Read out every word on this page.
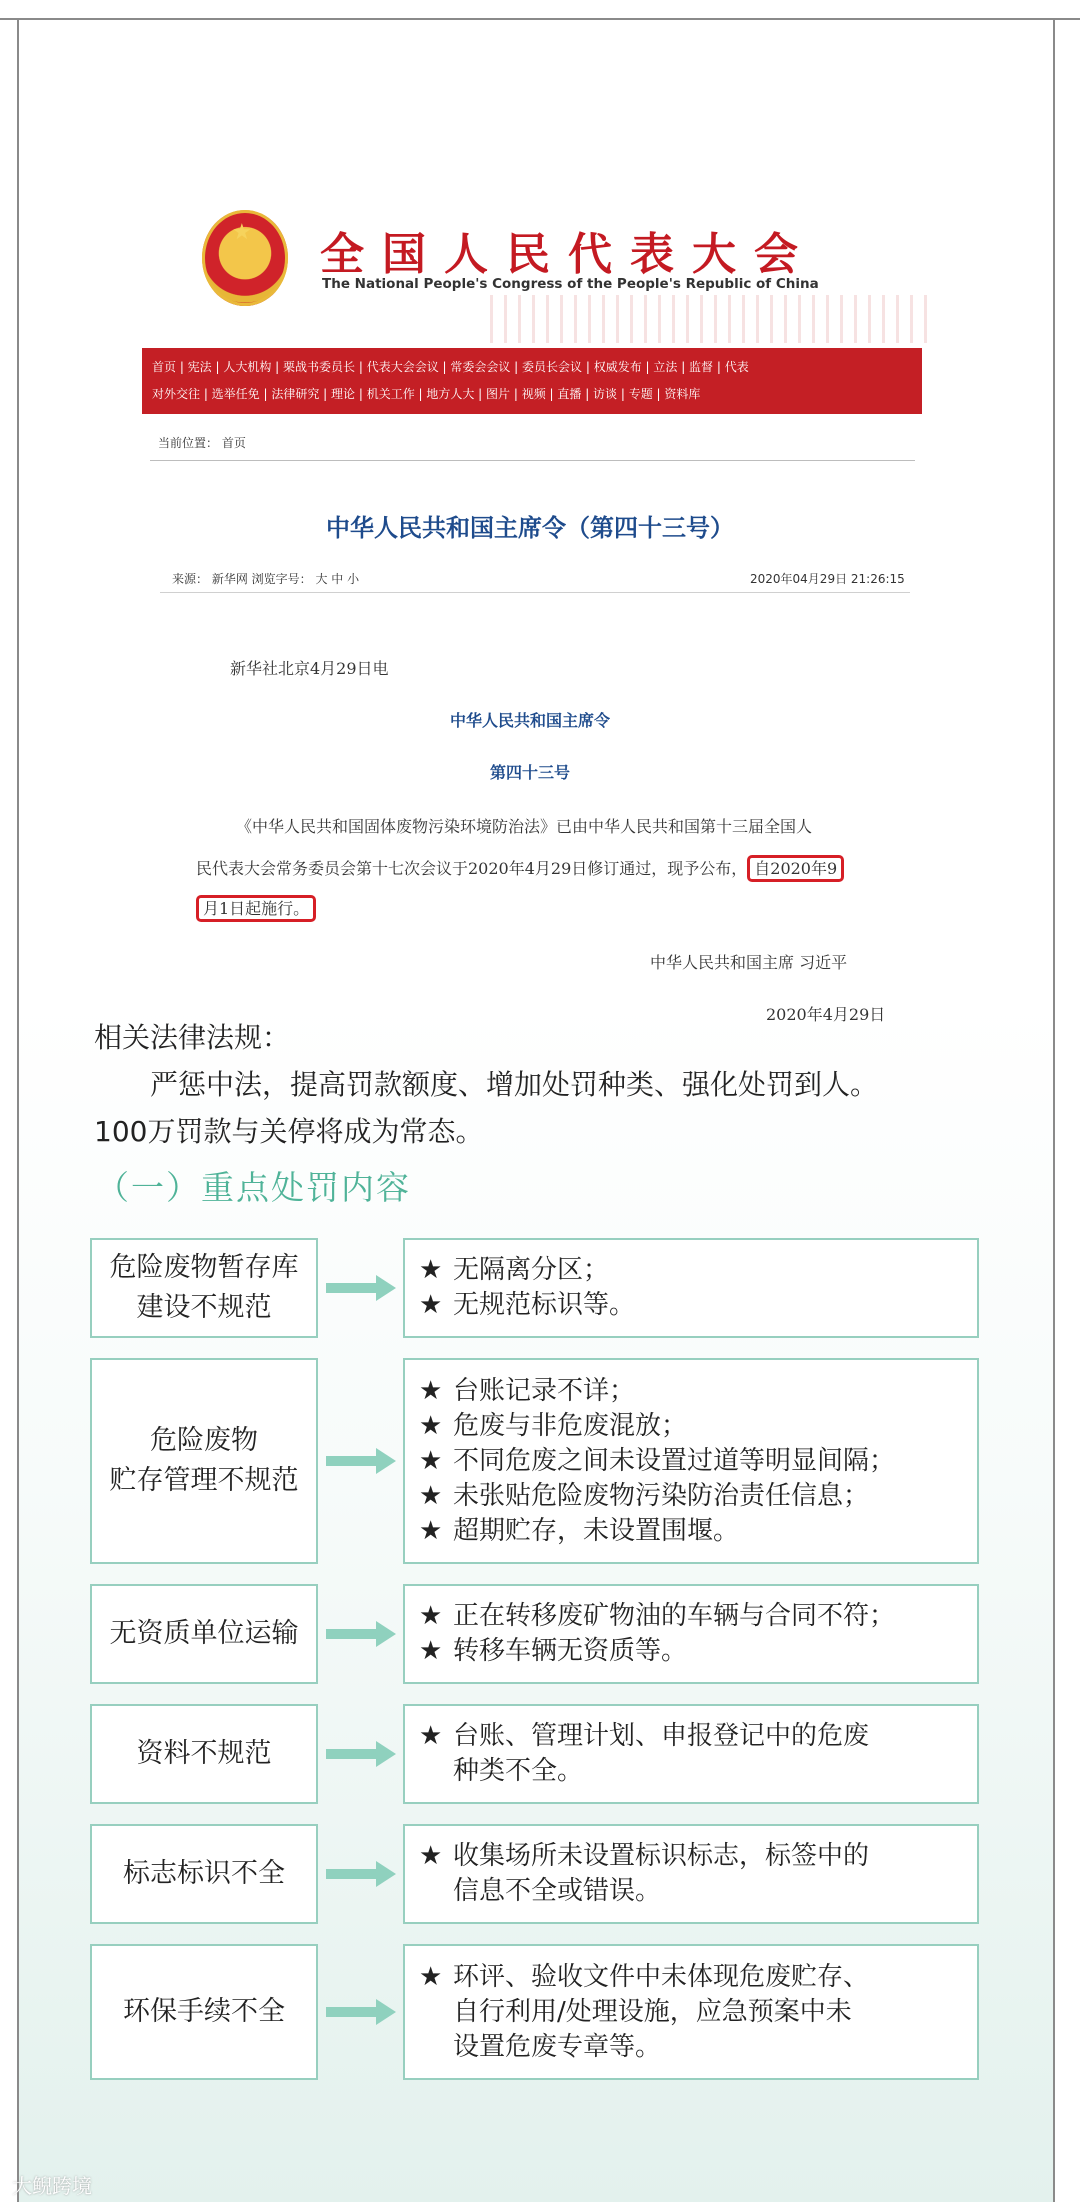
★ 全国人民代表大会
The National People's Congress of the People's Republic of China
首页 | 宪法 | 人大机构 | 栗战书委员长 | 代表大会会议 | 常委会会议 | 委员长会议 | 权威发布 | 立法 | 监督 | 代表
对外交往 | 选举任免 | 法律研究 | 理论 | 机关工作 | 地方人大 | 图片 | 视频 | 直播 | 访谈 | 专题 | 资料库
当前位置： 首页
中华人民共和国主席令（第四十三号）
来源： 新华网 浏览字号： 大 中 小	2020年04月29日 21:26:15
新华社北京4月29日电
中华人民共和国主席令
第四十三号
《中华人民共和国固体废物污染环境防治法》已由中华人民共和国第十三届全国人
民代表大会常务委员会第十七次会议于2020年4月29日修订通过，现予公布， 自2020年9
月1日起施行。
中华人民共和国主席 习近平
2020年4月29日
相关法律法规：
严惩中法，提高罚款额度、增加处罚种类、强化处罚到人。
100万罚款与关停将成为常态。
（一）重点处罚内容
危险废物暂存库
建设不规范
★ 无隔离分区；
★ 无规范标识等。
危险废物
贮存管理不规范
★ 台账记录不详；
★ 危废与非危废混放；
★ 不同危废之间未设置过道等明显间隔；
★ 未张贴危险废物污染防治责任信息；
★ 超期贮存，未设置围堰。
无资质单位运输
★ 正在转移废矿物油的车辆与合同不符；
★ 转移车辆无资质等。
资料不规范
★ 台账、管理计划、申报登记中的危废
种类不全。
标志标识不全
★ 收集场所未设置标识标志，标签中的
信息不全或错误。
环保手续不全
★ 环评、验收文件中未体现危废贮存、
自行利用/处理设施，应急预案中未
设置危废专章等。
大鲵跨境
